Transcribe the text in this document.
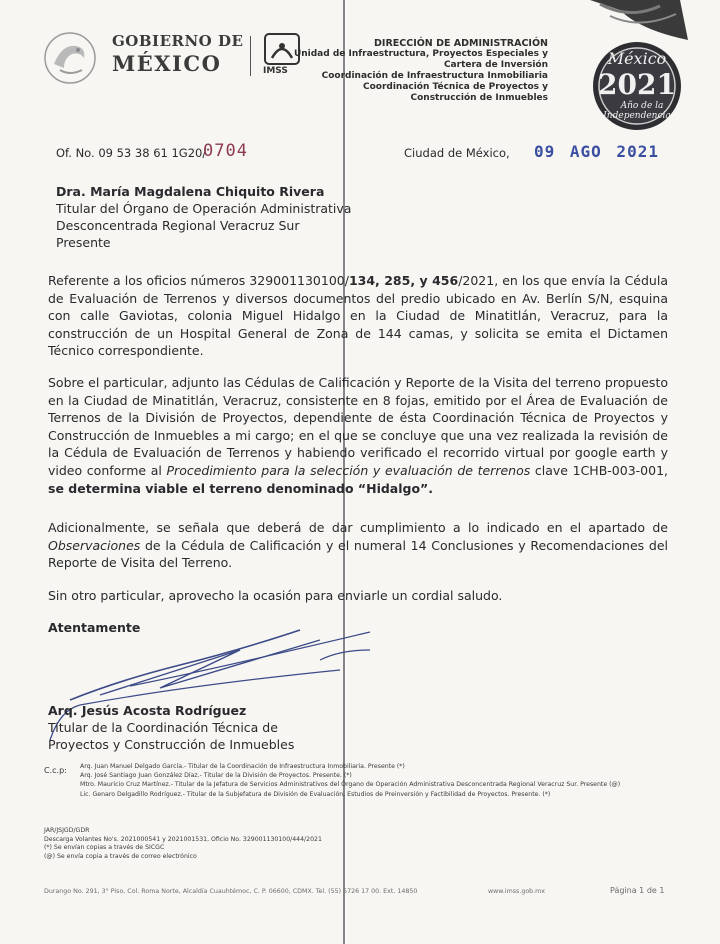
GOBIERNO DE
MÉXICO	IMSS
DIRECCIÓN DE ADMINISTRACIÓN
Unidad de Infraestructura, Proyectos Especiales y
Cartera de Inversión
Coordinación de Infraestructura Inmobiliaria
Coordinación Técnica de Proyectos y
Construcción de Inmuebles
México
2021
Año de la
Independencia
Of. No. 09 53 38 61 1G20/
0704	Ciudad de México, 09 AGO 2021
Dra. María Magdalena Chiquito Rivera
Titular del Órgano de Operación Administrativa
Desconcentrada Regional Veracruz Sur
Presente
Referente a los oficios números 329001130100/134, 285, y 456/2021, en los que envía la Cédula de Evaluación de Terrenos y diversos documentos del predio ubicado en Av. Berlín S/N, esquina con calle Gaviotas, colonia Miguel Hidalgo en la Ciudad de Minatitlán, Veracruz, para la construcción de un Hospital General de Zona de 144 camas, y solicita se emita el Dictamen Técnico correspondiente.
Sobre el particular, adjunto las Cédulas de Calificación y Reporte de la Visita del terreno propuesto en la Ciudad de Minatitlán, Veracruz, consistente en 8 fojas, emitido por el Área de Evaluación de Terrenos de la División de Proyectos, dependiente de ésta Coordinación Técnica de Proyectos y Construcción de Inmuebles a mi cargo; en el que se concluye que una vez realizada la revisión de la Cédula de Evaluación de Terrenos y habiendo verificado el recorrido virtual por google earth y video conforme al Procedimiento para la selección y evaluación de terrenos clave 1CHB-003-001, se determina viable el terreno denominado “Hidalgo”.
Adicionalmente, se señala que deberá de dar cumplimiento a lo indicado en el apartado de Observaciones de la Cédula de Calificación y el numeral 14 Conclusiones y Recomendaciones del Reporte de Visita del Terreno.
Sin otro particular, aprovecho la ocasión para enviarle un cordial saludo.
Atentamente
Arq. Jesús Acosta Rodríguez
Titular de la Coordinación Técnica de
Proyectos y Construcción de Inmuebles
C.c.p: Arq. Juan Manuel Delgado García.- Titular de la Coordinación de Infraestructura Inmobiliaria. Presente (*)
Arq. José Santiago Juan González Díaz.- Titular de la División de Proyectos. Presente. (*)
Mtro. Mauricio Cruz Martínez.- Titular de la Jefatura de Servicios Administrativos del Órgano de Operación Administrativa Desconcentrada Regional Veracruz Sur. Presente (@)
Lic. Genaro Delgadillo Rodríguez.- Titular de la Subjefatura de División de Evaluación, Estudios de Preinversión y Factibilidad de Proyectos. Presente. (*)
JAR/JSJGD/GDR
Descarga Volantes No's. 2021000541 y 2021001531, Oficio No. 329001130100/444/2021
(*) Se envían copias a través de SICGC
(@) Se envía copia a través de correo electrónico
Durango No. 291, 3° Piso, Col. Roma Norte, Alcaldía Cuauhtémoc, C. P. 06600, CDMX. Tel. (55) 5726 17 00. Ext. 14850	www.imss.gob.mx	Página 1 de 1
